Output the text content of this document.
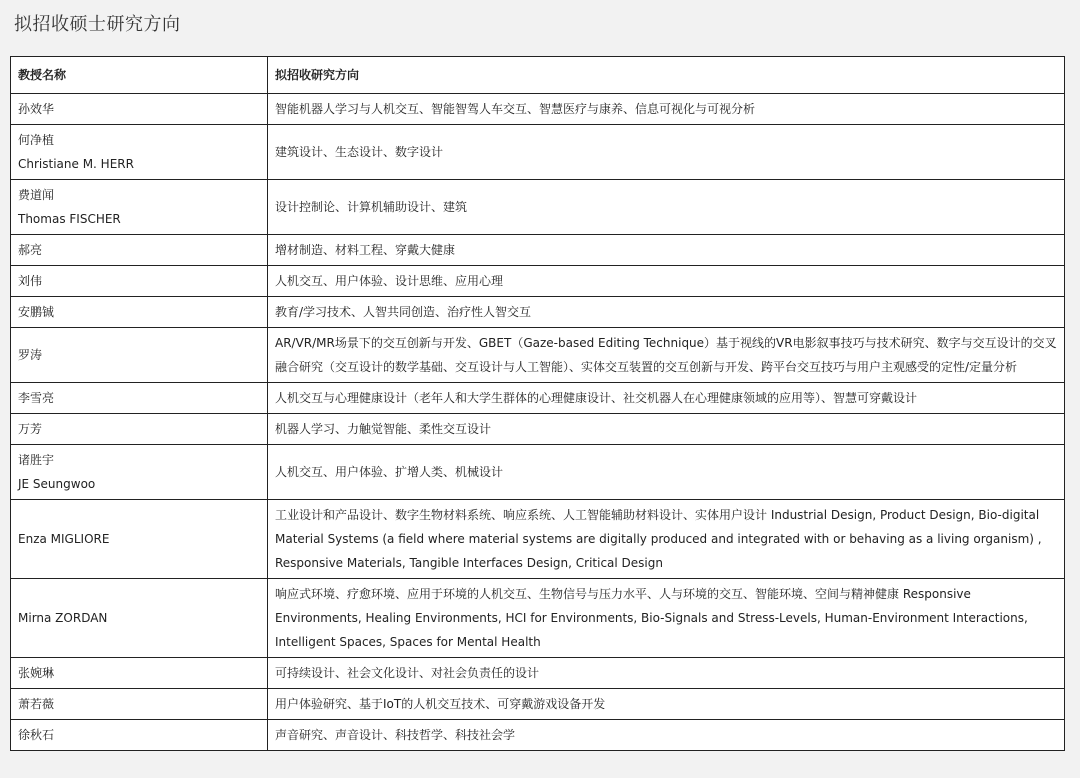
拟招收硕士研究方向
教授名称	拟招收研究方向

孙效华	智能机器人学习与人机交互、智能智驾人车交互、智慧医疗与康养、信息可视化与可视分析

何净植
Christiane M. HERR	建筑设计、生态设计、数字设计

费道闻
Thomas FISCHER	设计控制论、计算机辅助设计、建筑

郝亮	增材制造、材料工程、穿戴大健康

刘伟	人机交互、用户体验、设计思维、应用心理

安鹏铖	教育/学习技术、人智共同创造、治疗性人智交互

罗涛	AR/VR/MR场景下的交互创新与开发、GBET（Gaze-based Editing Technique）基于视线的VR电影叙事技巧与技术研究、数字与交互设计的交叉融合研究（交互设计的数学基础、交互设计与人工智能）、实体交互装置的交互创新与开发、跨平台交互技巧与用户主观感受的定性/定量分析

李雪亮	人机交互与心理健康设计（老年人和大学生群体的心理健康设计、社交机器人在心理健康领域的应用等）、智慧可穿戴设计

万芳	机器人学习、力触觉智能、柔性交互设计

诸胜宇
JE Seungwoo	人机交互、用户体验、扩增人类、机械设计

Enza MIGLIORE	工业设计和产品设计、数字生物材料系统、响应系统、人工智能辅助材料设计、实体用户设计 Industrial Design, Product Design, Bio-digital Material Systems (a field where material systems are digitally produced and integrated with or behaving as a living organism) , Responsive Materials, Tangible Interfaces Design, Critical Design

Mirna ZORDAN	响应式环境、疗愈环境、应用于环境的人机交互、生物信号与压力水平、人与环境的交互、智能环境、空间与精神健康 Responsive Environments, Healing Environments, HCI for Environments, Bio-Signals and Stress-Levels, Human-Environment Interactions, Intelligent Spaces, Spaces for Mental Health

张婉琳	可持续设计、社会文化设计、对社会负责任的设计

萧若薇	用户体验研究、基于IoT的人机交互技术、可穿戴游戏设备开发

徐秋石	声音研究、声音设计、科技哲学、科技社会学
